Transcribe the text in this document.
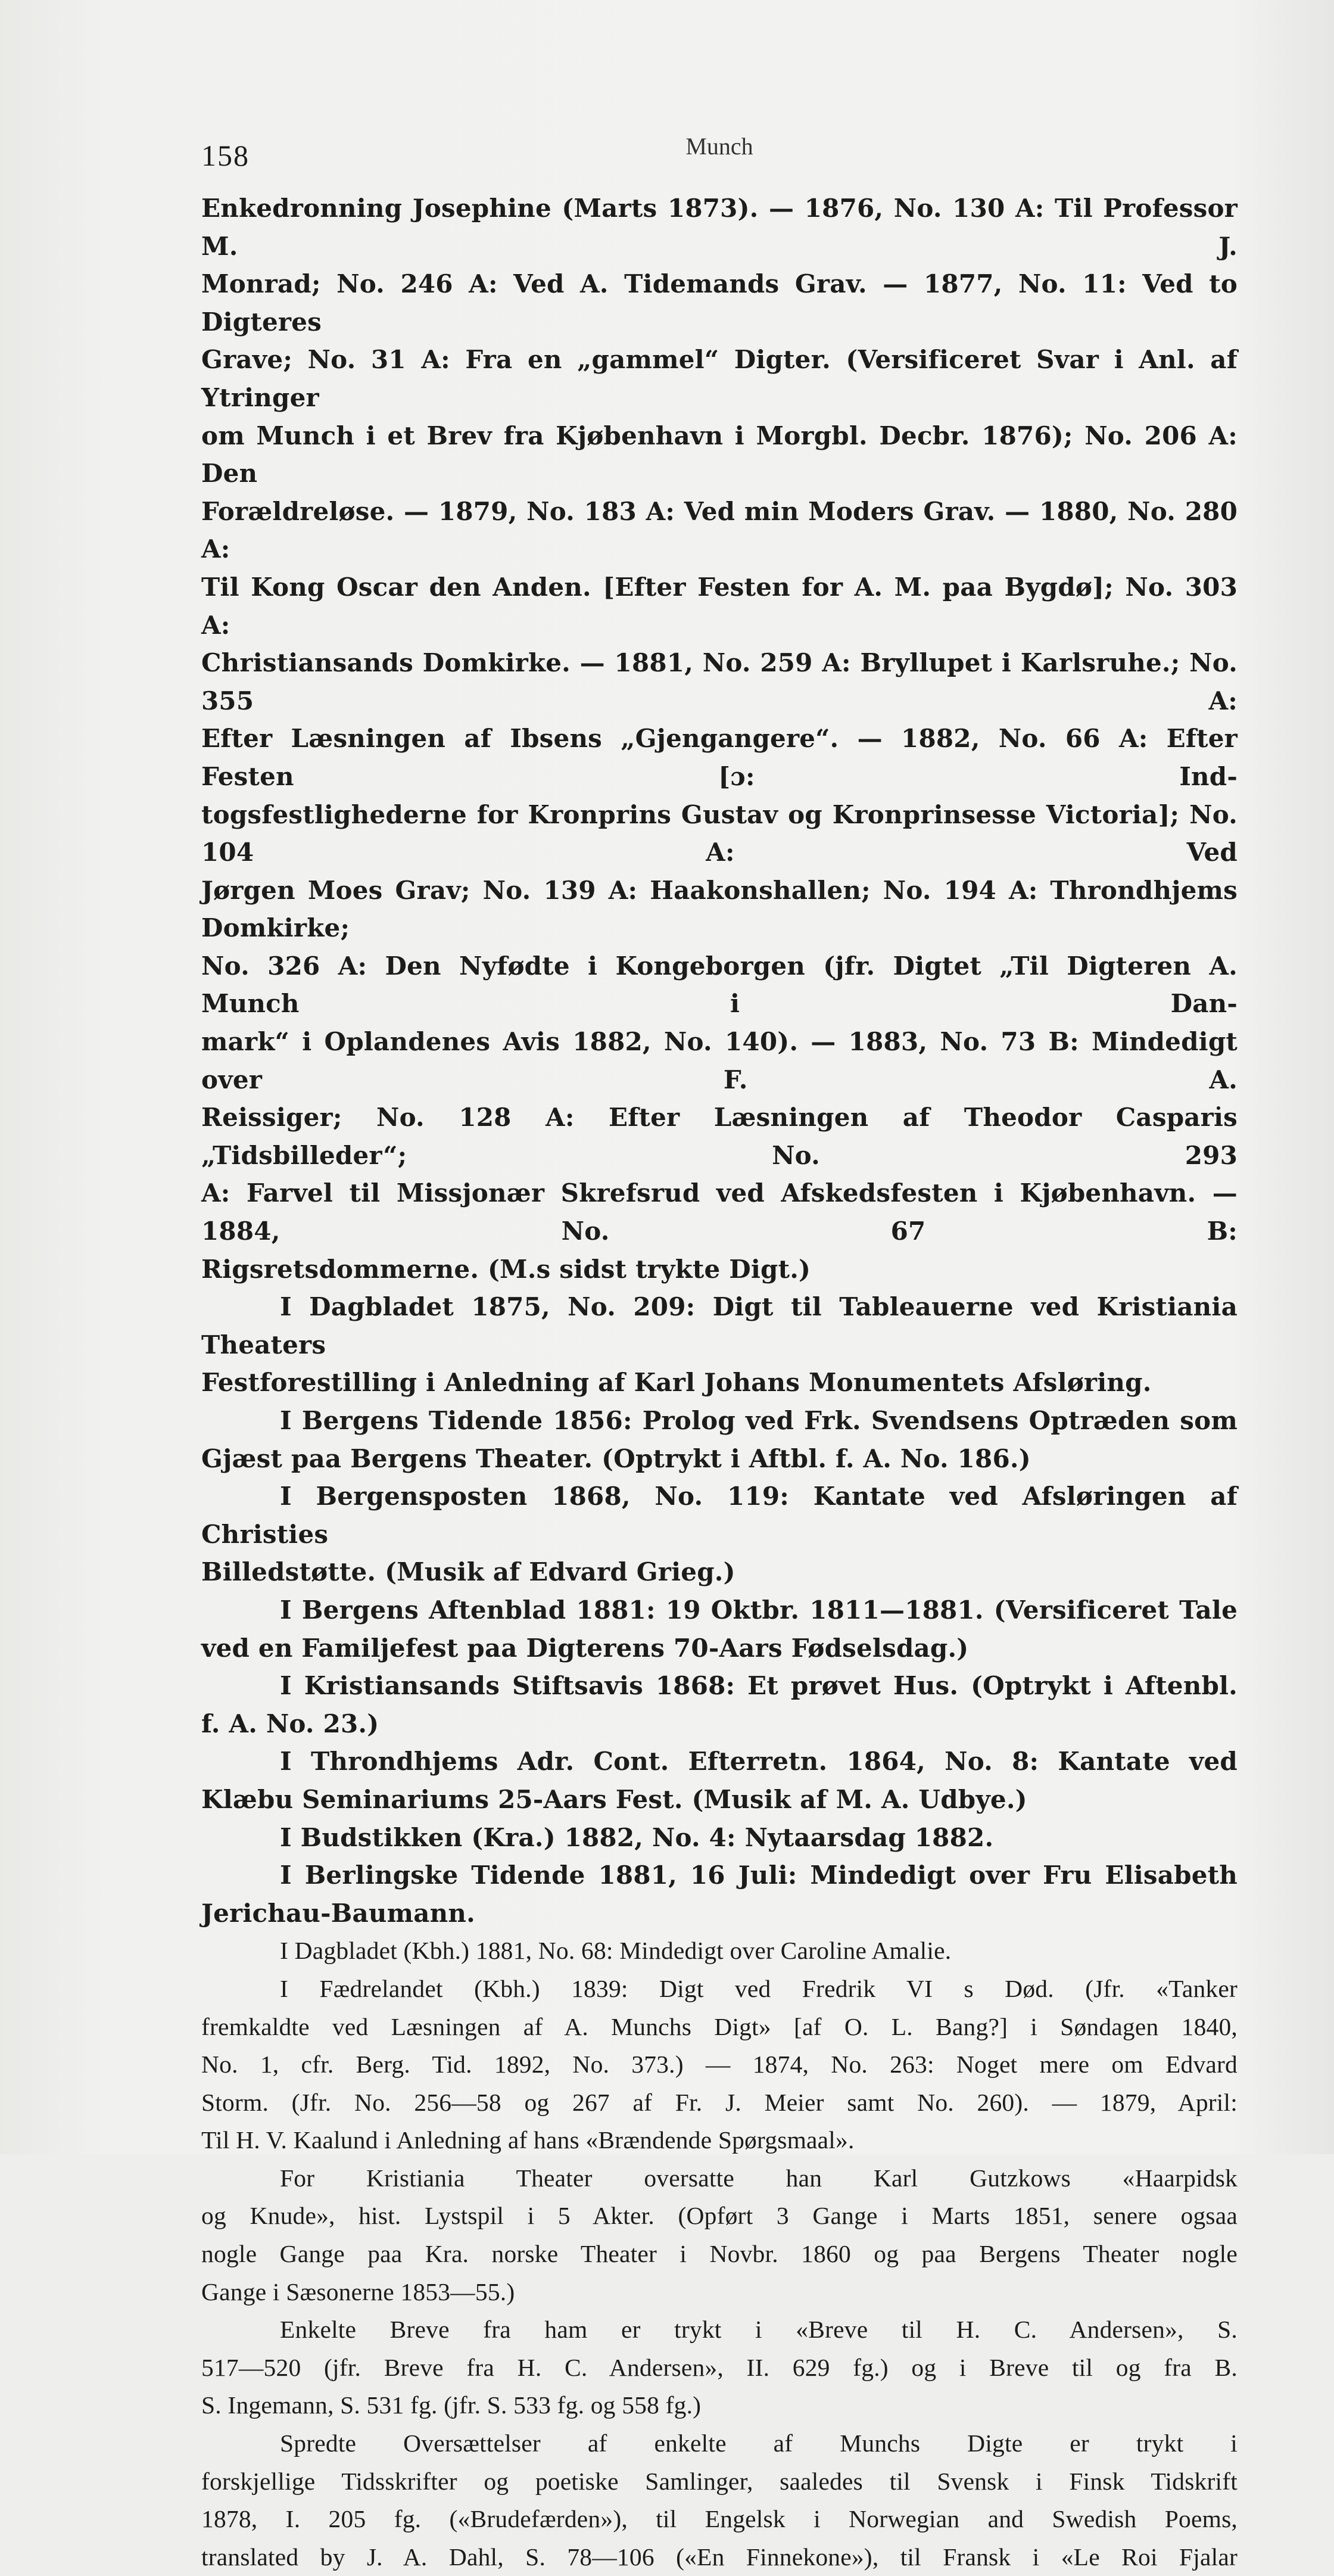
158	Munch

Enkedronning Josephine (Marts 1873). — 1876, No. 130 A: Til Professor M. J.

Monrad; No. 246 A: Ved A. Tidemands Grav. — 1877, No. 11: Ved to Digteres

Grave; No. 31 A: Fra en „gammel“ Digter. (Versificeret Svar i Anl. af Ytringer

om Munch i et Brev fra Kjøbenhavn i Morgbl. Decbr. 1876); No. 206 A: Den

Forældreløse. — 1879, No. 183 A: Ved min Moders Grav. — 1880, No. 280 A:

Til Kong Oscar den Anden. [Efter Festen for A. M. paa Bygdø]; No. 303 A:

Christiansands Domkirke. — 1881, No. 259 A: Bryllupet i Karlsruhe.; No. 355 A:

Efter Læsningen af Ibsens „Gjengangere“. — 1882, No. 66 A: Efter Festen [ɔ: Ind-

togsfestlighederne for Kronprins Gustav og Kronprinsesse Victoria]; No. 104 A: Ved

Jørgen Moes Grav; No. 139 A: Haakonshallen; No. 194 A: Throndhjems Domkirke;

No. 326 A: Den Nyfødte i Kongeborgen (jfr. Digtet „Til Digteren A. Munch i Dan-

mark“ i Oplandenes Avis 1882, No. 140). — 1883, No. 73 B: Mindedigt over F. A.

Reissiger; No. 128 A: Efter Læsningen af Theodor Caspari̇s „Tidsbilleder“; No. 293

A: Farvel til Missjonær Skrefsrud ved Afskedsfesten i Kjøbenhavn. — 1884, No. 67 B:

Rigsretsdommerne. (M.s sidst trykte Digt.)

I Dagbladet 1875, No. 209: Digt til Tableauerne ved Kristiania Theaters

Festforestilling i Anledning af Karl Johans Monumentets Afsløring.

I Bergens Tidende 1856: Prolog ved Frk. Svendsens Optræden som

Gjæst paa Bergens Theater. (Optrykt i Aftbl. f. A. No. 186.)

I Bergensposten 1868, No. 119: Kantate ved Afsløringen af Christies

Billedstøtte. (Musik af Edvard Grieg.)

I Bergens Aftenblad 1881: 19 Oktbr. 1811—1881. (Versificeret Tale

ved en Familjefest paa Digterens 70-Aars Fødselsdag.)

I Kristiansands Stiftsavis 1868: Et prøvet Hus. (Optrykt i Aftenbl.

f. A. No. 23.)

I Throndhjems Adr. Cont. Efterretn. 1864, No. 8: Kantate ved

Klæbu Seminariums 25-Aars Fest. (Musik af M. A. Udbye.)

I Budstikken (Kra.) 1882, No. 4: Nytaarsdag 1882.

I Berlingske Tidende 1881, 16 Juli: Mindedigt over Fru Elisabeth

Jerichau-Baumann.

I Dagbladet (Kbh.) 1881, No. 68: Mindedigt over Caroline Amalie.

I Fædrelandet (Kbh.) 1839: Digt ved Fredrik VI s Død. (Jfr. «Tanker

fremkaldte ved Læsningen af A. Munchs Digt» [af O. L. Bang?] i Søndagen 1840,

No. 1, cfr. Berg. Tid. 1892, No. 373.) — 1874, No. 263: Noget mere om Edvard

Storm. (Jfr. No. 256—58 og 267 af Fr. J. Meier samt No. 260). — 1879, April:

Til H. V. Kaalund i Anledning af hans «Brændende Spørgsmaal».

For Kristiania Theater oversatte han Karl Gutzkows «Haarpidsk

og Knude», hist. Lystspil i 5 Akter. (Opført 3 Gange i Marts 1851, senere ogsaa

nogle Gange paa Kra. norske Theater i Novbr. 1860 og paa Bergens Theater nogle

Gange i Sæsonerne 1853—55.)

Enkelte Breve fra ham er trykt i «Breve til H. C. Andersen», S.

517—520 (jfr. Breve fra H. C. Andersen», II. 629 fg.) og i Breve til og fra B.

S. Ingemann, S. 531 fg. (jfr. S. 533 fg. og 558 fg.)

Spredte Oversættelser af enkelte af Munchs Digte er trykt i

forskjellige Tidsskrifter og poetiske Samlinger, saaledes til Svensk i Finsk Tidskrift

1878, I. 205 fg. («Brudefærden»), til Engelsk i Norwegian and Swedish Poems,

translated by J. A. Dahl, S. 78—106 («En Finnekone»), til Fransk i «Le Roi Fjalar
